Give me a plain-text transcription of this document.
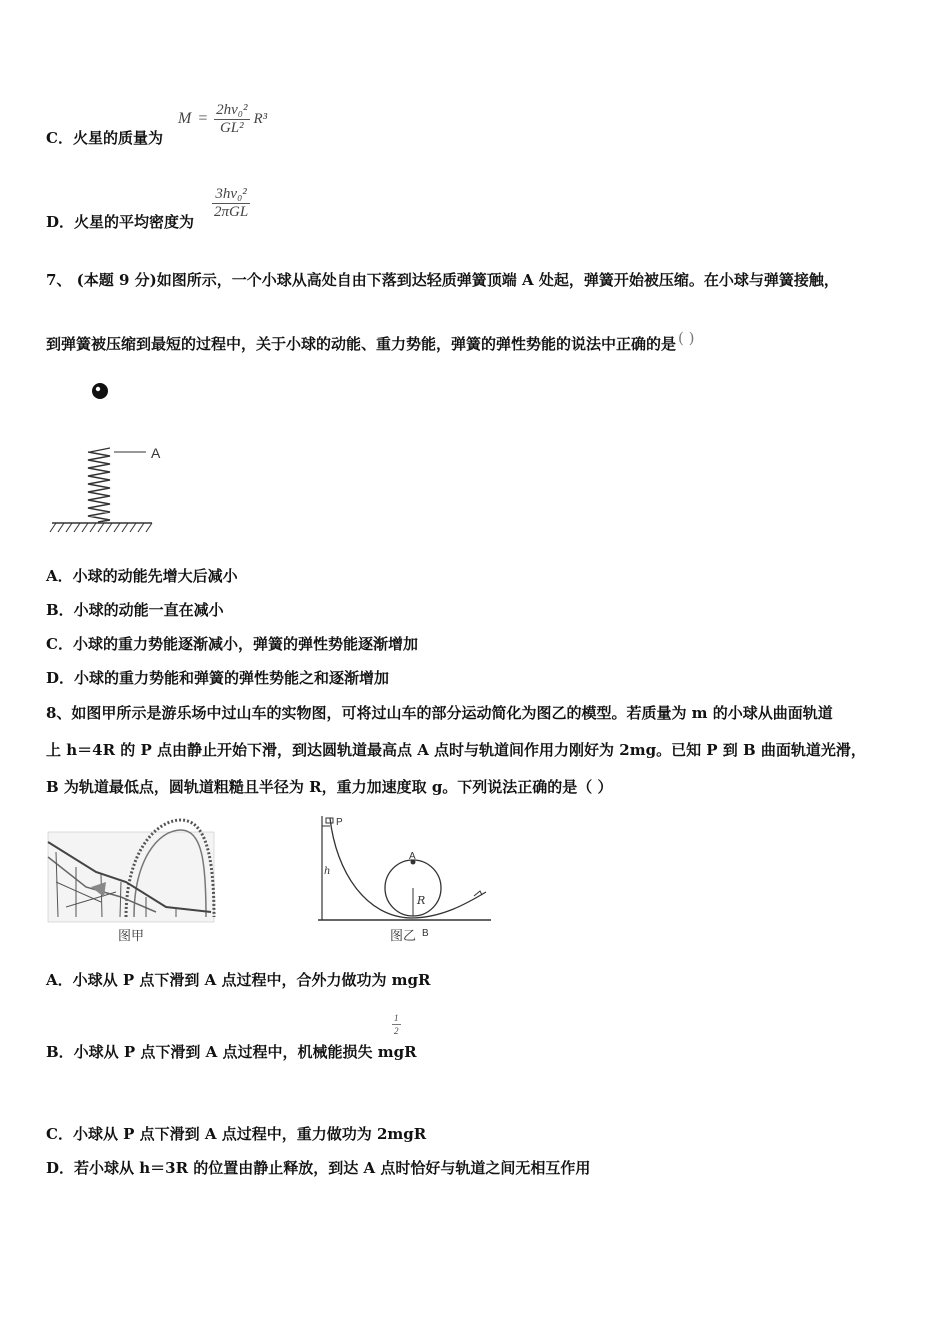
C．火星的质量为
$M = \frac{\text{2hv₀²}}{\text{GL²}} R^3$
D．火星的平均密度为
$\frac{\text{3hv₀²}}{\text{2πGL}}$
7、 (本题 9 分)如图所示，一个小球从高处自由下落到达轻质弹簧顶端 A 处起，弹簧开始被压缩。在小球与弹簧接触，
到弹簧被压缩到最短的过程中，关于小球的动能、重力势能，弹簧的弹性势能的说法中正确的是 ( )
A
A．小球的动能先增大后减小
B．小球的动能一直在减小
C．小球的重力势能逐渐减小，弹簧的弹性势能逐渐增加
D．小球的重力势能和弹簧的弹性势能之和逐渐增加
8、如图甲所示是游乐场中过山车的实物图，可将过山车的部分运动简化为图乙的模型。若质量为 m 的小球从曲面轨道
上 h＝4R 的 P 点由静止开始下滑，到达圆轨道最高点 A 点时与轨道间作用力刚好为 2mg。已知 P 到 B 曲面轨道光滑，
B 为轨道最低点，圆轨道粗糙且半径为 R，重力加速度取 g。下列说法正确的是（ ）
图甲
P
h
A
R
B
图乙
A．小球从 P 点下滑到 A 点过程中，合外力做功为 mgR
$\frac{1}{2}$
B．小球从 P 点下滑到 A 点过程中，机械能损失 mgR
C．小球从 P 点下滑到 A 点过程中，重力做功为 2mgR
D．若小球从 h＝3R 的位置由静止释放，到达 A 点时恰好与轨道之间无相互作用
